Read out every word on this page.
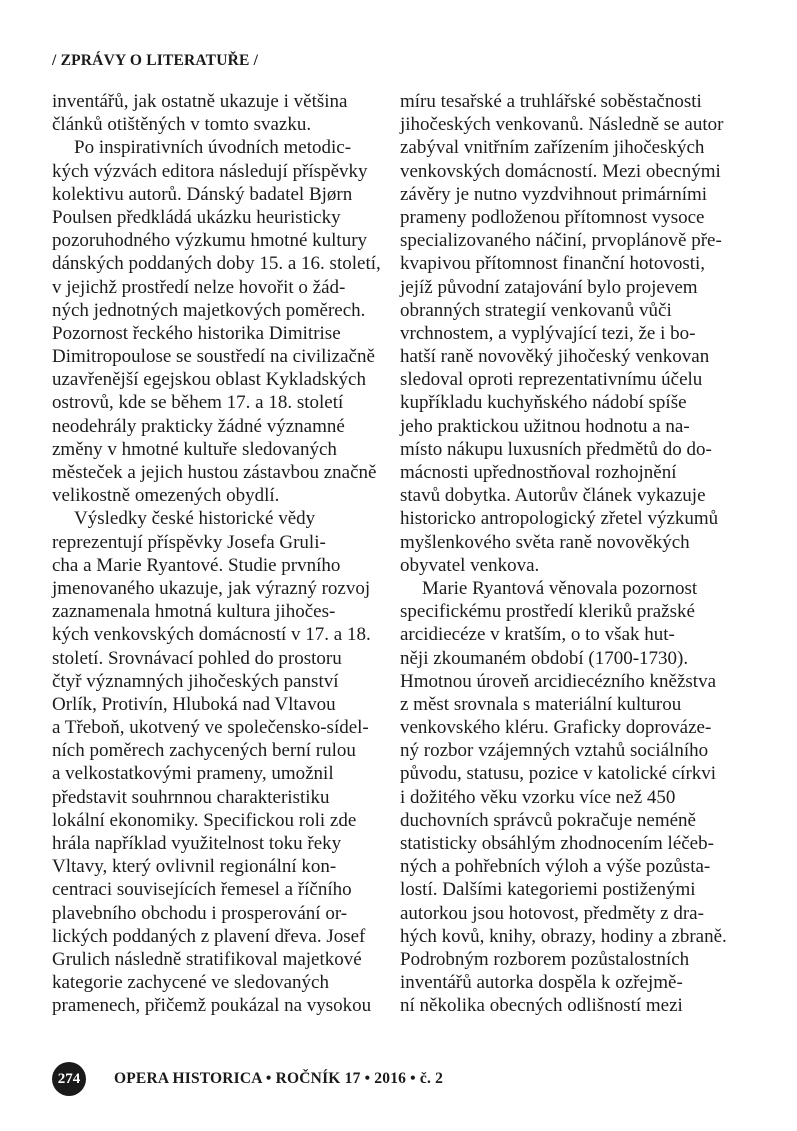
/ ZPRÁVY O LITERATUŘE /
inventářů, jak ostatně ukazuje i většina
článků otištěných v tomto svazku.
Po inspirativních úvodních metodic-
kých výzvách editora následují příspěvky
kolektivu autorů. Dánský badatel Bjørn
Poulsen předkládá ukázku heuristicky
pozoruhodného výzkumu hmotné kultury
dánských poddaných doby 15. a 16. století,
v jejichž prostředí nelze hovořit o žád-
ných jednotných majetkových poměrech.
Pozornost řeckého historika Dimitrise
Dimitropoulose se soustředí na civilizačně
uzavřenější egejskou oblast Kykladských
ostrovů, kde se během 17. a 18. století
neodehrály prakticky žádné významné
změny v hmotné kultuře sledovaných
městeček a jejich hustou zástavbou značně
velikostně omezených obydlí.
Výsledky české historické vědy
reprezentují příspěvky Josefa Gruli-
cha a Marie Ryantové. Studie prvního
jmenovaného ukazuje, jak výrazný rozvoj
zaznamenala hmotná kultura jihočes-
kých venkovských domácností v 17. a 18.
století. Srovnávací pohled do prostoru
čtyř významných jihočeských panství
Orlík, Protivín, Hluboká nad Vltavou
a Třeboň, ukotvený ve společensko-sídel-
ních poměrech zachycených berní rulou
a velkostatkovými prameny, umožnil
představit souhrnnou charakteristiku
lokální ekonomiky. Specifickou roli zde
hrála například využitelnost toku řeky
Vltavy, který ovlivnil regionální kon-
centraci souvisejících řemesel a říčního
plavebního obchodu i prosperování or-
lických poddaných z plavení dřeva. Josef
Grulich následně stratifikoval majetkové
kategorie zachycené ve sledovaných
pramenech, přičemž poukázal na vysokou
míru tesařské a truhlářské soběstačnosti
jihočeských venkovanů. Následně se autor
zabýval vnitřním zařízením jihočeských
venkovských domácností. Mezi obecnými
závěry je nutno vyzdvihnout primárními
prameny podloženou přítomnost vysoce
specializovaného náčiní, prvoplánově pře-
kvapivou přítomnost finanční hotovosti,
jejíž původní zatajování bylo projevem
obranných strategií venkovanů vůči
vrchnostem, a vyplývající tezi, že i bo-
hatší raně novověký jihočeský venkovan
sledoval oproti reprezentativnímu účelu
kupříkladu kuchyňského nádobí spíše
jeho praktickou užitnou hodnotu a na-
místo nákupu luxusních předmětů do do-
mácnosti upřednostňoval rozhojnění
stavů dobytka. Autorův článek vykazuje
historicko antropologický zřetel výzkumů
myšlenkového světa raně novověkých
obyvatel venkova.
Marie Ryantová věnovala pozornost
specifickému prostředí kleriků pražské
arcidiecéze v kratším, o to však hut-
něji zkoumaném období (1700-1730).
Hmotnou úroveň arcidiecézního kněžstva
z měst srovnala s materiální kulturou
venkovského kléru. Graficky doprováze-
ný rozbor vzájemných vztahů sociálního
původu, statusu, pozice v katolické církvi
i dožitého věku vzorku více než 450
duchovních správců pokračuje neméně
statisticky obsáhlým zhodnocením léčeb-
ných a pohřebních výloh a výše pozůsta-
lostí. Dalšími kategoriemi postiženými
autorkou jsou hotovost, předměty z dra-
hých kovů, knihy, obrazy, hodiny a zbraně.
Podrobným rozborem pozůstalostních
inventářů autorka dospěla k ozřejmě-
ní několika obecných odlišností mezi
274	OPERA HISTORICA • ROČNÍK 17 • 2016 • č. 2
